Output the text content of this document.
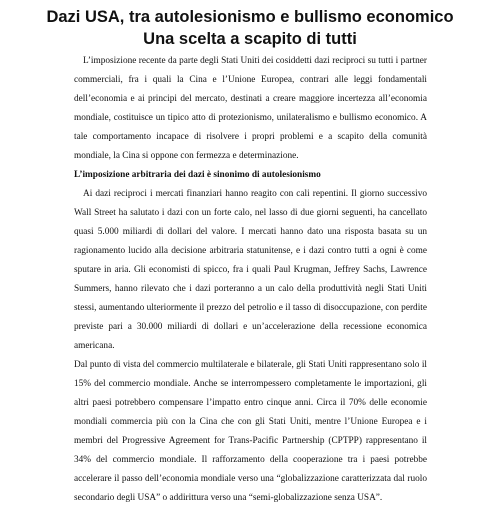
Dazi USA, tra autolesionismo e bullismo economico
Una scelta a scapito di tutti

L’imposizione recente da parte degli Stati Uniti dei cosiddetti dazi reciproci su tutti i partner commerciali, fra i quali la Cina e l’Unione Europea, contrari alle leggi fondamentali dell’economia e ai principi del mercato, destinati a creare maggiore incertezza all’economia mondiale, costituisce un tipico atto di protezionismo, unilateralismo e bullismo economico. A tale comportamento incapace di risolvere i propri problemi e a scapito della comunità mondiale, la Cina si oppone con fermezza e determinazione.

L’imposizione arbitraria dei dazi è sinonimo di autolesionismo

Ai dazi reciproci i mercati finanziari hanno reagito con cali repentini. Il giorno successivo Wall Street ha salutato i dazi con un forte calo, nel lasso di due giorni seguenti, ha cancellato quasi 5.000 miliardi di dollari del valore. I mercati hanno dato una risposta basata su un ragionamento lucido alla decisione arbitraria statunitense, e i dazi contro tutti a ogni è come sputare in aria. Gli economisti di spicco, fra i quali Paul Krugman, Jeffrey Sachs, Lawrence Summers, hanno rilevato che i dazi porteranno a un calo della produttività negli Stati Uniti stessi, aumentando ulteriormente il prezzo del petrolio e il tasso di disoccupazione, con perdite previste pari a 30.000 miliardi di dollari e un’accelerazione della recessione economica americana.

Dal punto di vista del commercio multilaterale e bilaterale, gli Stati Uniti rappresentano solo il 15% del commercio mondiale. Anche se interrompessero completamente le importazioni, gli altri paesi potrebbero compensare l’impatto entro cinque anni. Circa il 70% delle economie mondiali commercia più con la Cina che con gli Stati Uniti, mentre l’Unione Europea e i membri del Progressive Agreement for Trans-Pacific Partnership (CPTPP) rappresentano il 34% del commercio mondiale. Il rafforzamento della cooperazione tra i paesi potrebbe accelerare il passo dell’economia mondiale verso una “globalizzazione caratterizzata dal ruolo secondario degli USA” o addirittura verso una “semi-globalizzazione senza USA”.
